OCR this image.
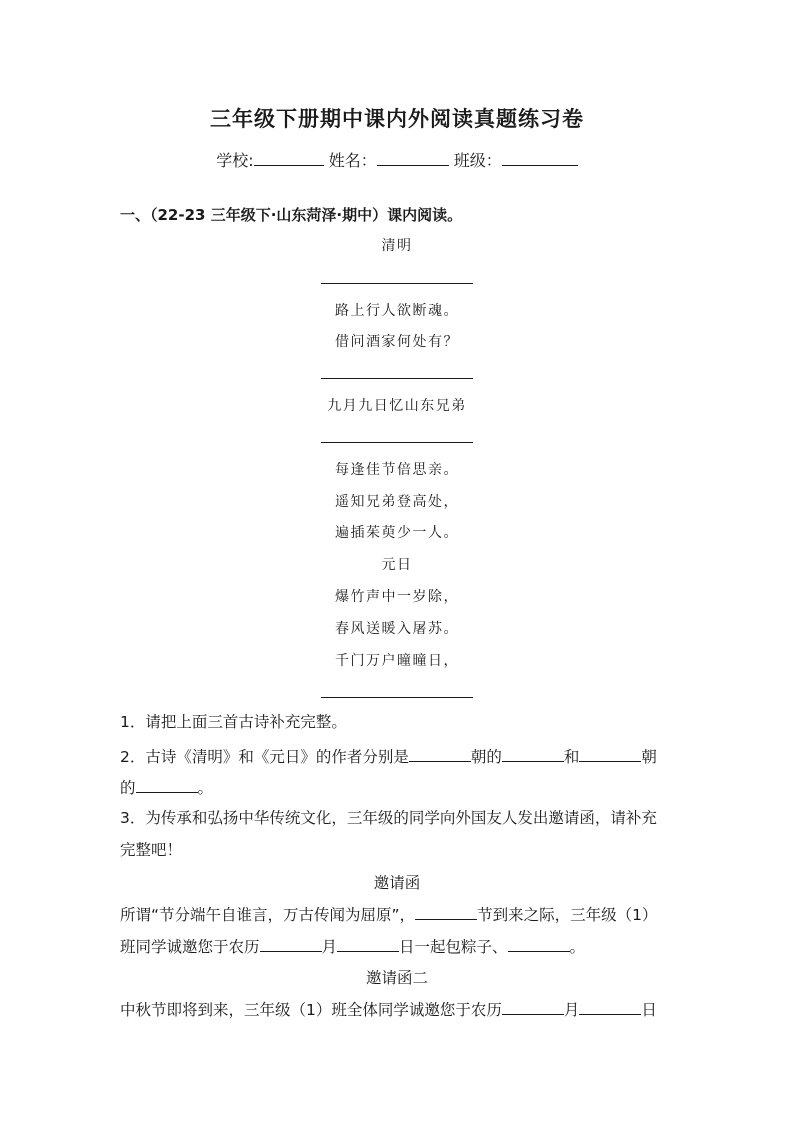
三年级下册期中课内外阅读真题练习卷
学校:	姓名：	班级：
一、（22-23 三年级下·山东菏泽·期中）课内阅读。
清明
路上行人欲断魂。
借问酒家何处有？
九月九日忆山东兄弟
每逢佳节倍思亲。
遥知兄弟登高处，
遍插茱萸少一人。
元日
爆竹声中一岁除，
春风送暖入屠苏。
千门万户曈曈日，
1．请把上面三首古诗补充完整。
2．古诗《清明》和《元日》的作者分别是	朝的	和	朝
的	。
3．为传承和弘扬中华传统文化，三年级的同学向外国友人发出邀请函，请补充
完整吧！
邀请函
所谓“节分端午自谁言，万古传闻为屈原”，	节到来之际，三年级（1）
班同学诚邀您于农历	月	日一起包粽子、	。
邀请函二
中秋节即将到来，三年级（1）班全体同学诚邀您于农历	月	日
